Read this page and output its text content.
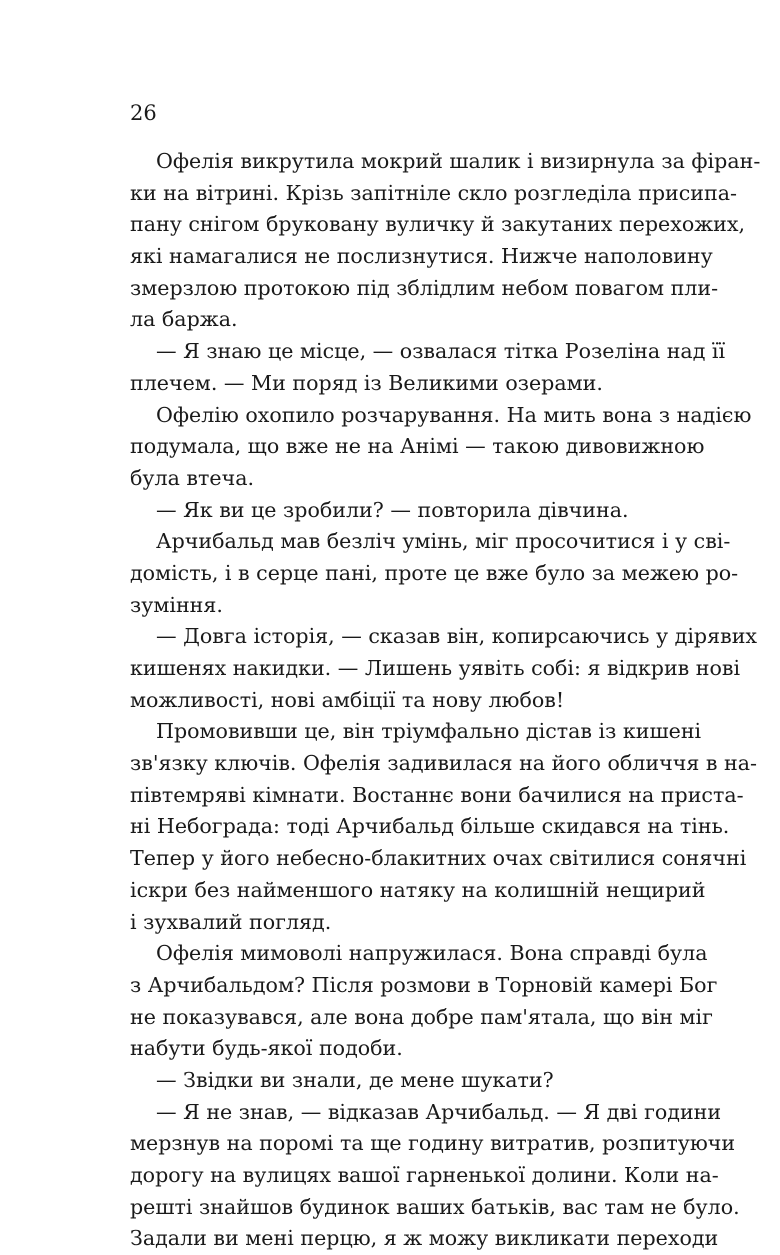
26
Офелія викрутила мокрий шалик і визирнула за фіран-
ки на вітрині. Крізь запітніле скло розгледіла присипа-
пану снігом бруковану вуличку й закутаних перехожих,
які намагалися не послизнутися. Нижче наполовину
змерзлою протокою під зблідлим небом повагом пли-
ла баржа.
— Я знаю це місце, — озвалася тітка Розеліна над її
плечем. — Ми поряд із Великими озерами.
Офелію охопило розчарування. На мить вона з надією
подумала, що вже не на Анімі — такою дивовижною
була втеча.
— Як ви це зробили? — повторила дівчина.
Арчибальд мав безліч умінь, міг просочитися і у сві-
домість, і в серце пані, проте це вже було за межею ро-
зуміння.
— Довга історія, — сказав він, копирсаючись у дірявих
кишенях накидки. — Лишень уявіть собі: я відкрив нові
можливості, нові амбіції та нову любов!
Промовивши це, він тріумфально дістав із кишені
зв'язку ключів. Офелія задивилася на його обличчя в на-
півтемряві кімнати. Востаннє вони бачилися на приста-
ні Небограда: тоді Арчибальд більше скидався на тінь.
Тепер у його небесно-блакитних очах світилися сонячні
іскри без найменшого натяку на колишній нещирий
і зухвалий погляд.
Офелія мимоволі напружилася. Вона справді була
з Арчибальдом? Після розмови в Торновій камері Бог
не показувався, але вона добре пам'ятала, що він міг
набути будь-якої подоби.
— Звідки ви знали, де мене шукати?
— Я не знав, — відказав Арчибальд. — Я дві години
мерзнув на поромі та ще годину витратив, розпитуючи
дорогу на вулицях вашої гарненької долини. Коли на-
решті знайшов будинок ваших батьків, вас там не було.
Задали ви мені перцю, я ж можу викликати переходи
